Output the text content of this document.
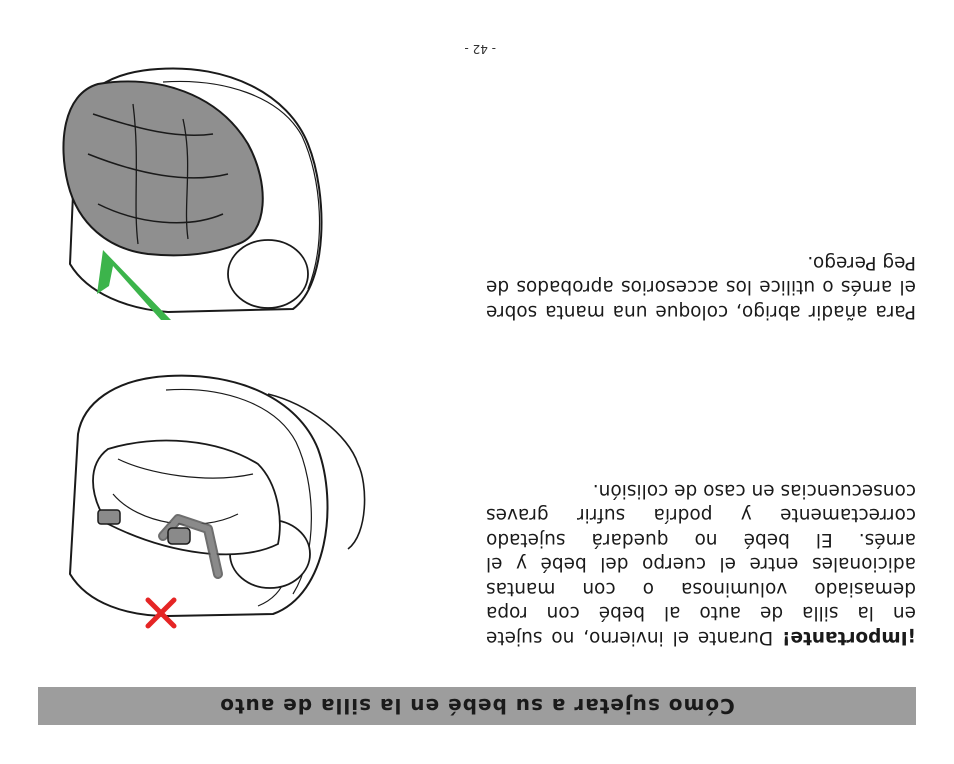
Cómo sujetar a su bebé en la silla de auto
¡Importante! Durante el invierno, no sujete en la silla de auto al bebé con ropa demasiado voluminosa o con mantas adicionales entre el cuerpo del bebé y el arnés. El bebé no quedará sujetado correctamente y podría sufrir graves consecuencias en caso de colisión.
Para añadir abrigo, coloque una manta sobre el arnés o utilice los accesorios aprobados de Peg Perego.
- 42 -
